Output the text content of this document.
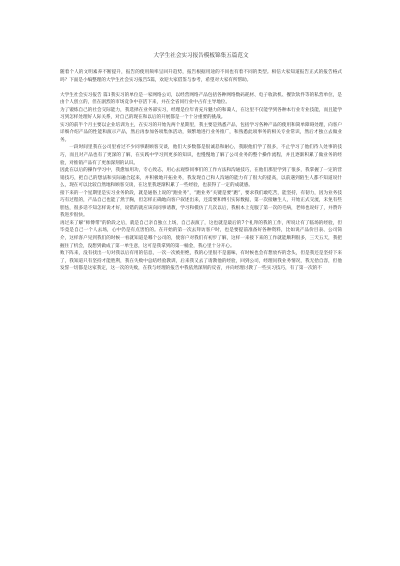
大学生社会实习报告模板锦集五篇范文

随着个人的文明素养不断提升，报告的使用频率呈回升趋势，报告根据用途的不同也有着不同的类型。相信大家知道报告正式的报告格式吗？下面是小编整理的大学生社会实习报告5篇，欢迎大家借鉴与参考，希望对大家有所帮助。

大学生社会实习报告 篇1我实习的单位是一家网络公司，以经营网络产品包括各种网络数码耗材、电子收款机、餐饮软件等的私营单位，是由个人创立的，但在剧烈的市场竞争中存活下来，并在全省同行业中占有主导地位。

为了锻炼自己的社会交际能力，我选择在业务部实习，经理是位年青充斥魅力的和蔼人，在这里不仅能学到各种本行业专业技能，而且能学习到怎样处理好人际关系，对自己的现在和以后的开展都是一个十分重要的挑战。

实习的前半个月主要以企业培训为主，在实习的开始先两个星期里，我主要是熟悉产品，包括学习各种产品的使用和简单障碍处理，向客户详细介绍产品的性能和演示产品，然后再参加各项集体活动，频繁地进行业务推广，和熟悉此项事务的相关专业常识，然后才独立去做业务。

一段时间里我在公司里看过不少同事跟顾客交谈，他们大多数都是很诚恳和耐心，我跟他们学了很多，不止学习了他们待人处事的技巧，而且对产品也有了更深的了解，在实践中学习到更多的知识，也慢慢地了解了公司业务的整个操作流程，并且逐渐积累了做业务的经验，对推销产品有了更加深刻的认识。

因此在以后的操作学习中，我愈加用功，专心致志，用心去观察同事们的工作方法和沟通技巧，在他们那里学到了很多，我掌握了一定的营销技巧，把自己的想法和实际融合起来，并积极地开拓业务，我发现自己和人沟通的能力有了很大的提高，以前遇到陌生人都不知道说什么，现在可以比较自然地和顾客交谈，在这里我逐渐积累了一些经验，也获得了一定的成就感。

接下来的一个星期里是实习业务阶段，就是通俗上说的“跑业务”，“跑业务”关键是要“跑”，要求我们敢吃苦，能坚持，有韧力，因为业务技巧有过程的，产品自己也能了然于胸，但怎样正确地向客户叙述出来，还需要和博引实际数据，第一次接触生人，开始正式交流，未免有些胆怯，很多话不知怎样说才好，说错的就应该向同事请教，学习和模仿了几次以后，我根本上克服了第一次的毛病，老师也说好了，并赞许我进步很快。

再过来了解“师傅带”的阶段之后，就是自己亲自独立上场，自己表演了，这也就是最后的7个礼拜的我的工作，所说让有了临场的经验，但毕竟是自己一个人去场，心中仍是有点害怕的。在开始的第一次去拜访客户时，也是要提前准备好各种资料，比如说产品价目表、公司简介，这样客户见到我们的时候一看就知道是哪个公司的，使客户对我们有初步了解，这样一来接下来的工作就能顺利很多，三天五天，我把握住了机会，没想到做成了第一单生意，这可是我拿到的第一桶金，我心里十分开心。

败下阵来，没有找出一句对我以后有用的信息，一次一次被拒绝，我的心里很不是滋味，有时候也会有想放弃的念头，但是我还是坚持下来了，我知道只有坚持才能胜利，我在失败中总结经验教训，后来我又去了请教他的经验，回到公司，经理问我业务情况，我无拾自容，但他发誓一切都是这家我定，这一次的失败，在我与经理的报告中我依然深刻的反省，并向经理讨教了一些实习技巧，有了第一次的不
